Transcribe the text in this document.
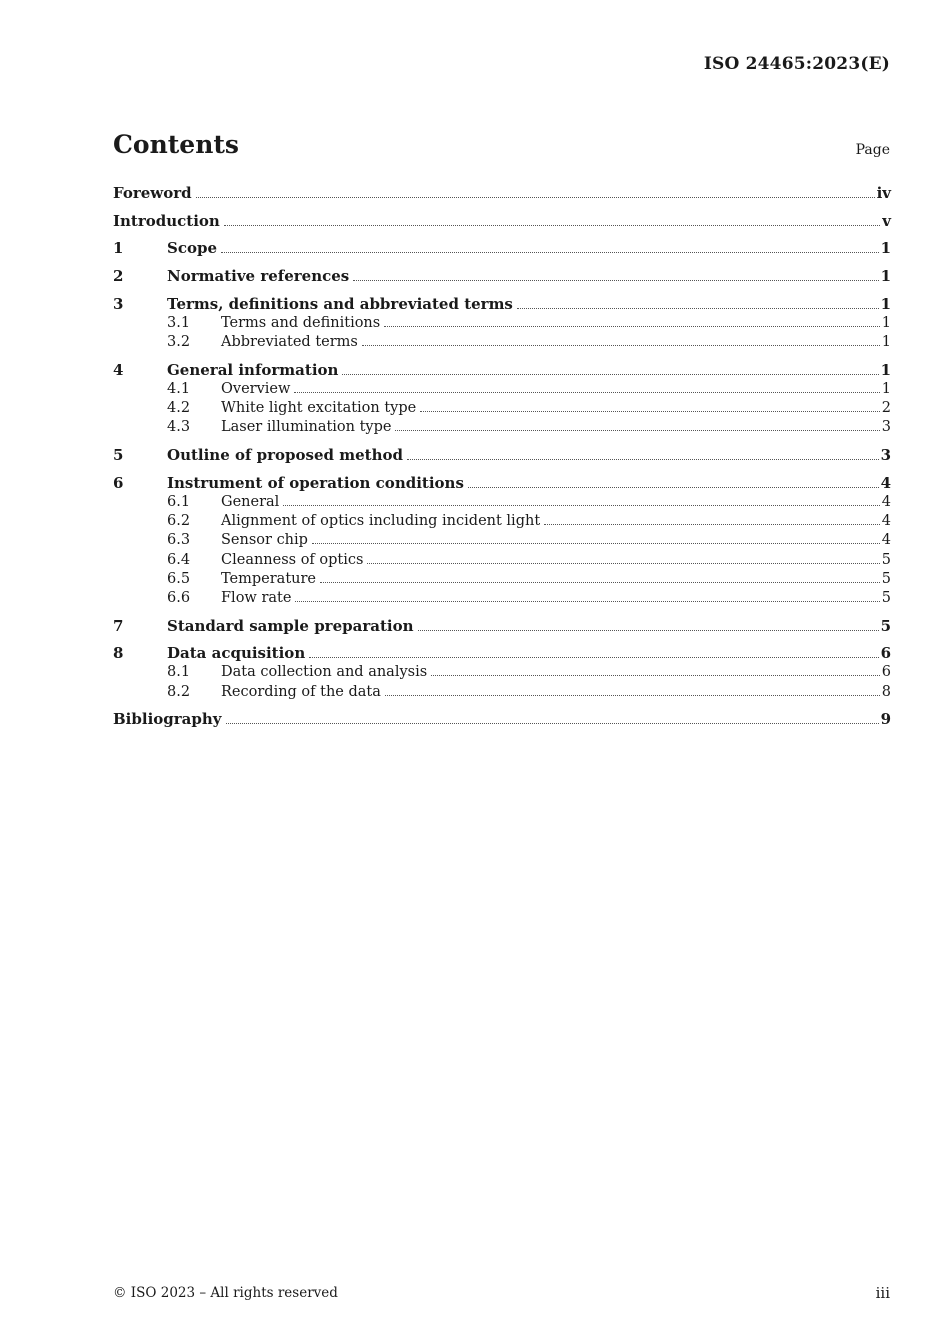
ISO 24465:2023(E)
Contents	Page
Foreword	iv
Introduction	v
1	Scope	1
2	Normative references	1
3	Terms, definitions and abbreviated terms	1
3.1	Terms and definitions	1
3.2	Abbreviated terms	1
4	General information	1
4.1	Overview	1
4.2	White light excitation type	2
4.3	Laser illumination type	3
5	Outline of proposed method	3
6	Instrument of operation conditions	4
6.1	General	4
6.2	Alignment of optics including incident light	4
6.3	Sensor chip	4
6.4	Cleanness of optics	5
6.5	Temperature	5
6.6	Flow rate	5
7	Standard sample preparation	5
8	Data acquisition	6
8.1	Data collection and analysis	6
8.2	Recording of the data	8
Bibliography	9
© ISO 2023 – All rights reserved	iii
